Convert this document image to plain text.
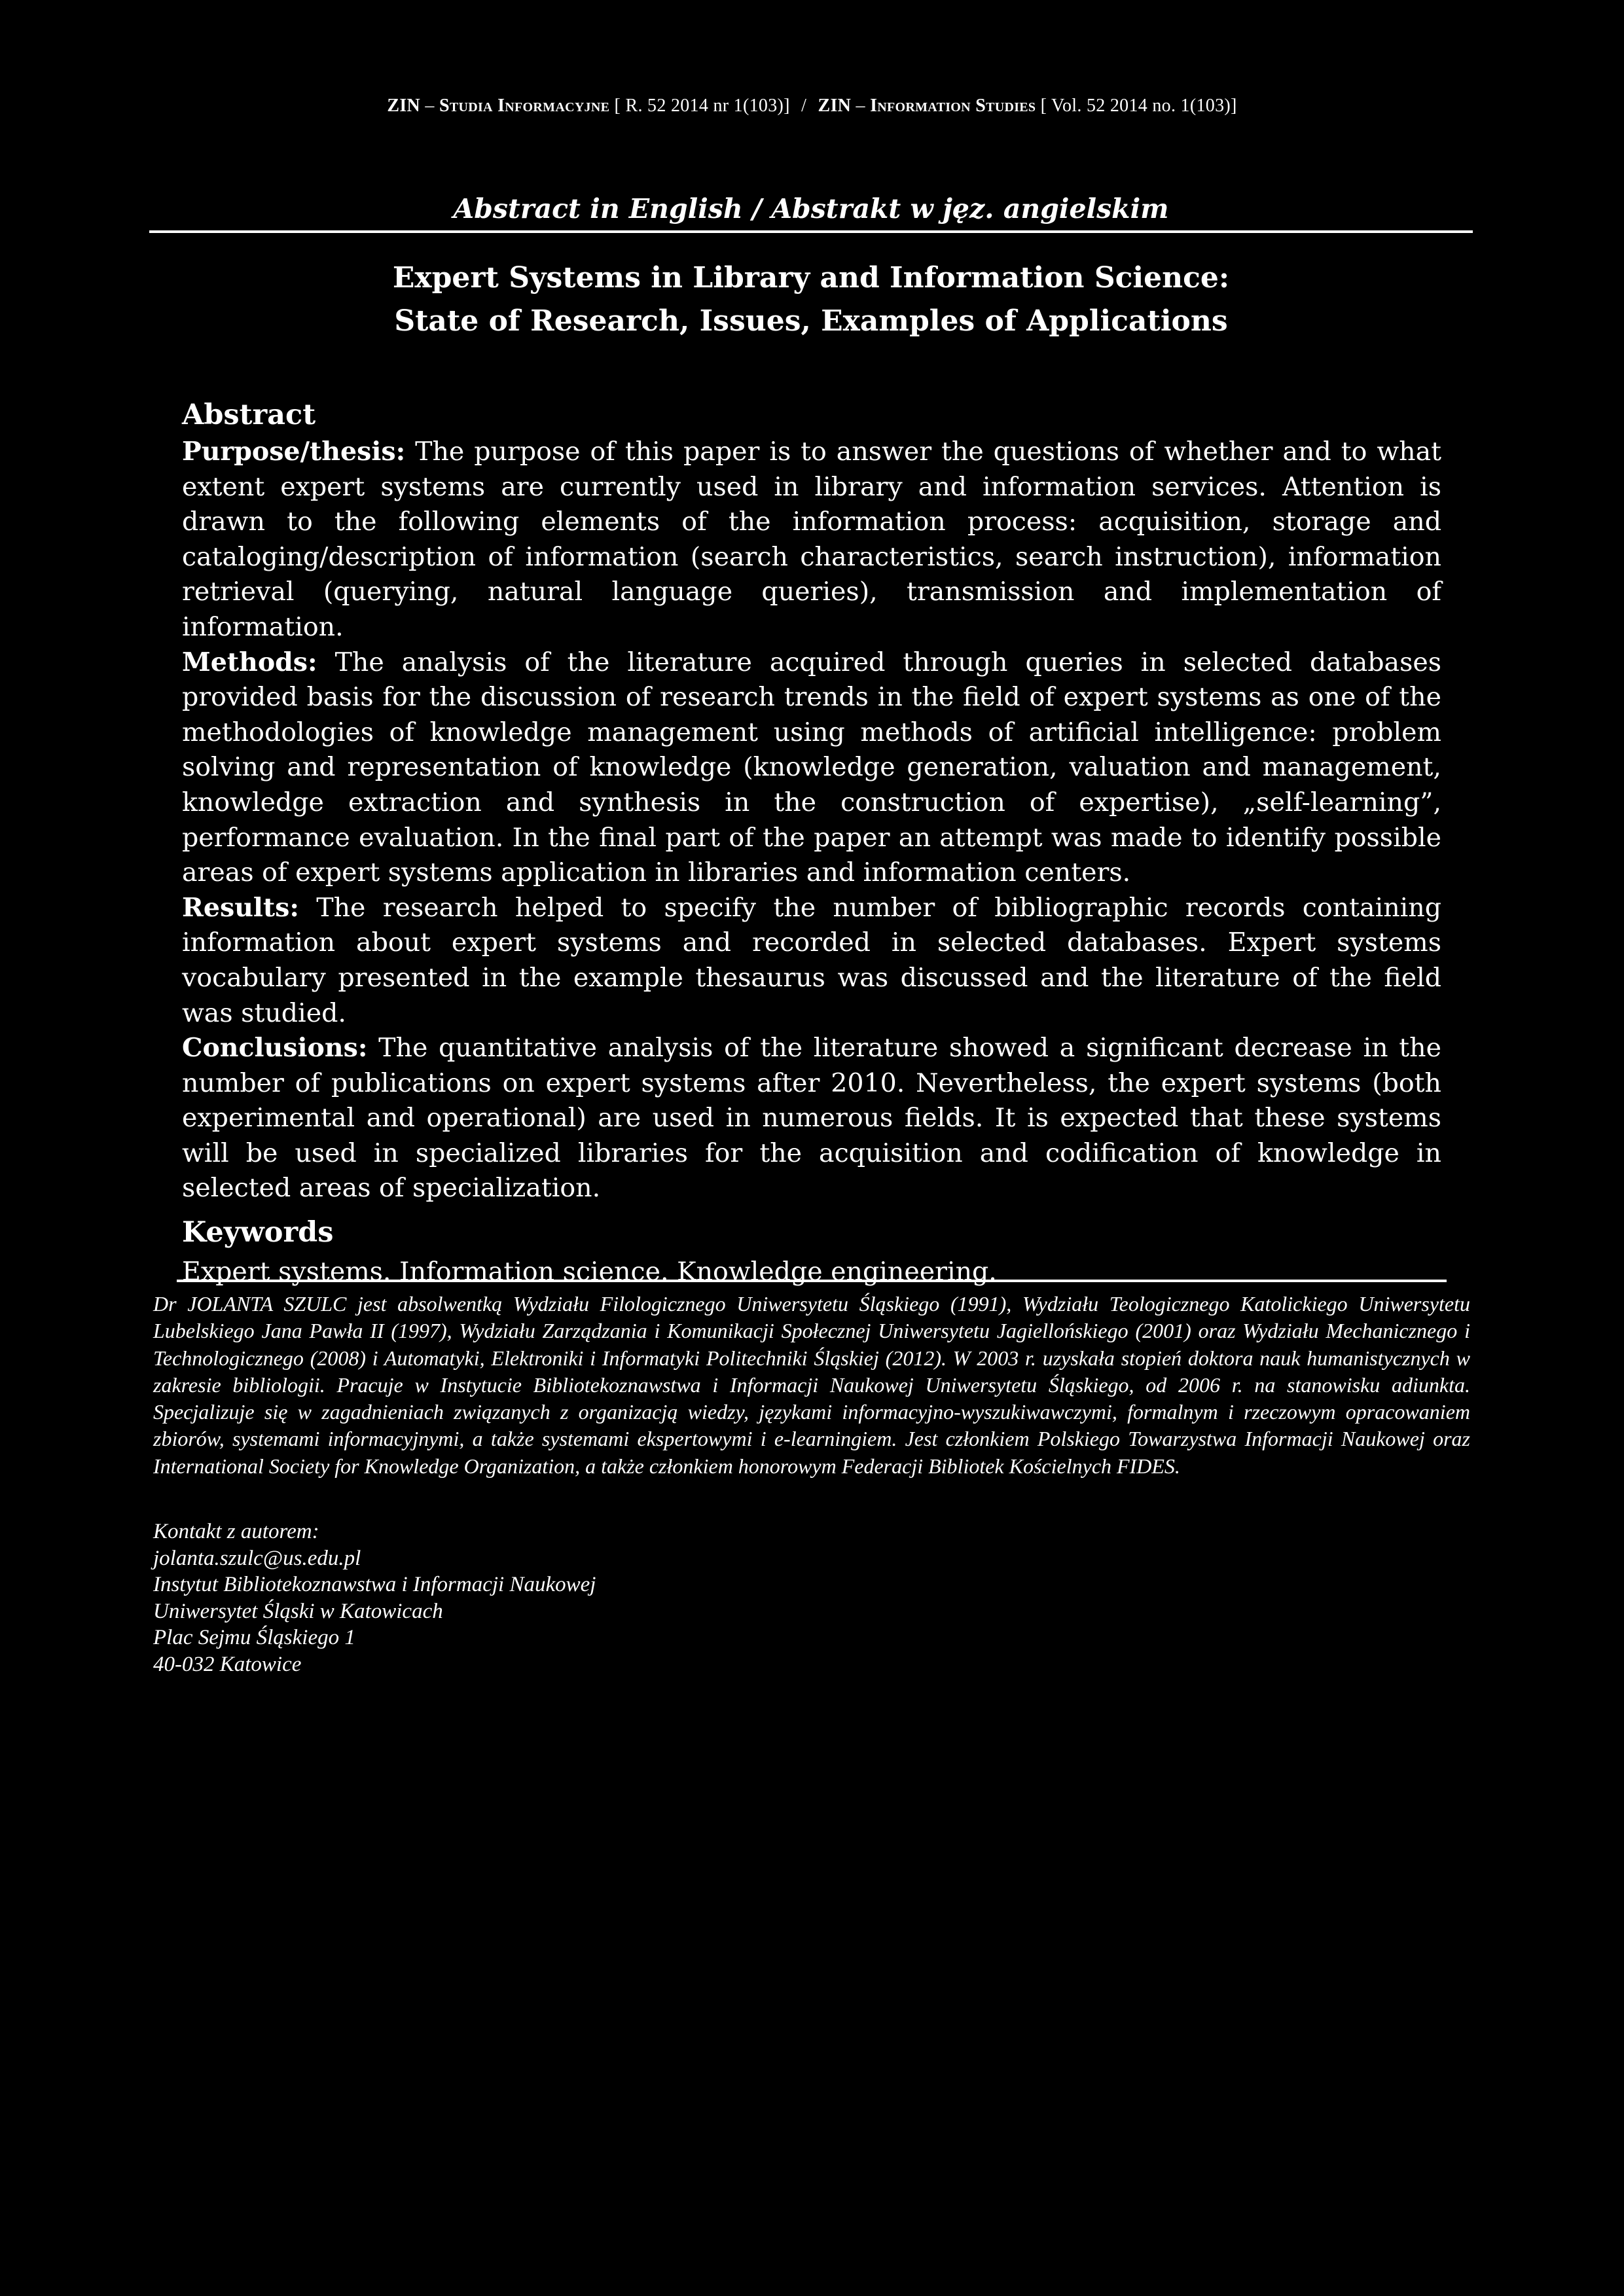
ZIN – Studia Informacyjne [ R. 52 2014 nr 1(103)] / ZIN – Information Studies [ Vol. 52 2014 no. 1(103)]
Abstract in English / Abstrakt w jęz. angielskim
Expert Systems in Library and Information Science:
State of Research, Issues, Examples of Applications
Abstract

Purpose/thesis: The purpose of this paper is to answer the questions of whether and to what extent expert systems are currently used in library and information services. Attention is drawn to the following elements of the information process: acquisition, storage and cataloging/description of information (search characteristics, search instruction), information retrieval (querying, natural language queries), transmission and implementation of information.

Methods: The analysis of the literature acquired through queries in selected databases provided basis for the discussion of research trends in the field of expert systems as one of the methodologies of knowledge management using methods of artificial intelligence: problem solving and representation of knowledge (knowledge generation, valuation and management, knowledge extraction and synthesis in the construction of expertise), „self-learning”, performance evaluation. In the final part of the paper an attempt was made to identify possible areas of expert systems application in libraries and information centers.

Results: The research helped to specify the number of bibliographic records containing information about expert systems and recorded in selected databases. Expert systems vocabulary presented in the example thesaurus was discussed and the literature of the field was studied.

Conclusions: The quantitative analysis of the literature showed a significant decrease in the number of publications on expert systems after 2010. Nevertheless, the expert systems (both experimental and operational) are used in numerous fields. It is expected that these systems will be used in specialized libraries for the acquisition and codification of knowledge in selected areas of specialization.

Keywords

Expert systems. Information science. Knowledge engineering.

Dr JOLANTA SZULC jest absolwentką Wydziału Filologicznego Uniwersytetu Śląskiego (1991), Wydziału Teologicznego Katolickiego Uniwersytetu Lubelskiego Jana Pawła II (1997), Wydziału Zarządzania i Komunikacji Społecznej Uniwersytetu Jagiellońskiego (2001) oraz Wydziału Mechanicznego i Technologicznego (2008) i Automatyki, Elektroniki i Informatyki Politechniki Śląskiej (2012). W 2003 r. uzyskała stopień doktora nauk humanistycznych w zakresie bibliologii. Pracuje w Instytucie Bibliotekoznawstwa i Informacji Naukowej Uniwersytetu Śląskiego, od 2006 r. na stanowisku adiunkta. Specjalizuje się w zagadnieniach związanych z organizacją wiedzy, językami informacyjno-wyszukiwawczymi, formalnym i rzeczowym opracowaniem zbiorów, systemami informacyjnymi, a także systemami ekspertowymi i e-learningiem. Jest członkiem Polskiego Towarzystwa Informacji Naukowej oraz International Society for Knowledge Organization, a także członkiem honorowym Federacji Bibliotek Kościelnych FIDES.
Kontakt z autorem:
jolanta.szulc@us.edu.pl
Instytut Bibliotekoznawstwa i Informacji Naukowej
Uniwersytet Śląski w Katowicach
Plac Sejmu Śląskiego 1
40-032 Katowice
